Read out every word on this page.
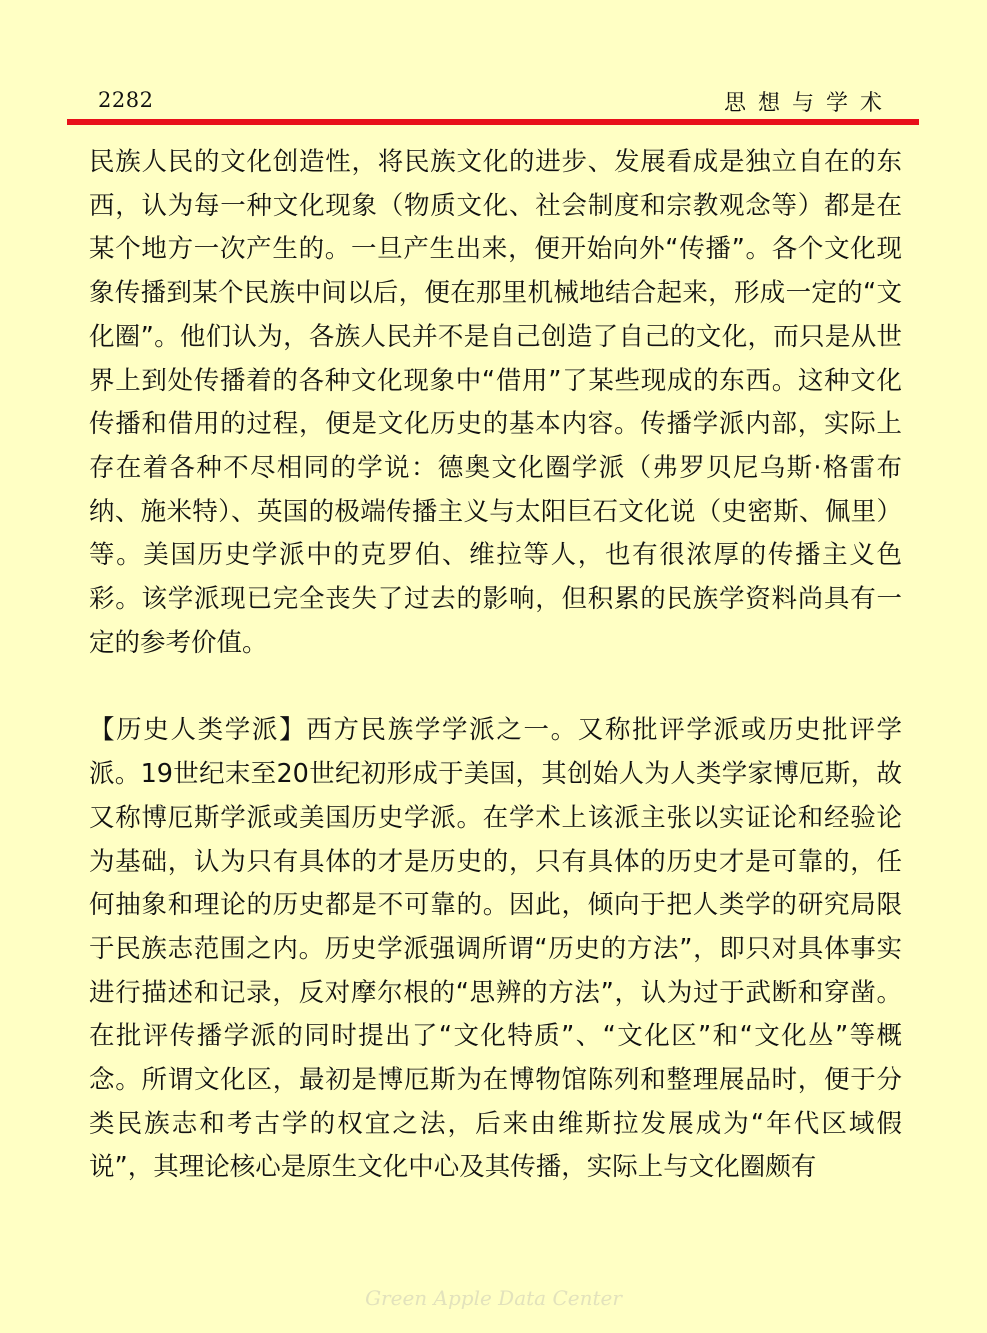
2282	思想与学术

民族人民的文化创造性，将民族文化的进步、发展看成是独立自在的东西，认为每一种文化现象（物质文化、社会制度和宗教观念等）都是在某个地方一次产生的。一旦产生出来，便开始向外“传播”。各个文化现象传播到某个民族中间以后，便在那里机械地结合起来，形成一定的“文化圈”。他们认为，各族人民并不是自己创造了自己的文化，而只是从世界上到处传播着的各种文化现象中“借用”了某些现成的东西。这种文化传播和借用的过程，便是文化历史的基本内容。传播学派内部，实际上存在着各种不尽相同的学说：德奥文化圈学派（弗罗贝尼乌斯·格雷布纳、施米特）、英国的极端传播主义与太阳巨石文化说（史密斯、佩里）等。美国历史学派中的克罗伯、维拉等人，也有很浓厚的传播主义色彩。该学派现已完全丧失了过去的影响，但积累的民族学资料尚具有一定的参考价值。

【历史人类学派】西方民族学学派之一。又称批评学派或历史批评学派。19世纪末至20世纪初形成于美国，其创始人为人类学家博厄斯，故又称博厄斯学派或美国历史学派。在学术上该派主张以实证论和经验论为基础，认为只有具体的才是历史的，只有具体的历史才是可靠的，任何抽象和理论的历史都是不可靠的。因此，倾向于把人类学的研究局限于民族志范围之内。历史学派强调所谓“历史的方法”，即只对具体事实进行描述和记录，反对摩尔根的“思辨的方法”，认为过于武断和穿凿。在批评传播学派的同时提出了“文化特质”、“文化区”和“文化丛”等概念。所谓文化区，最初是博厄斯为在博物馆陈列和整理展品时，便于分类民族志和考古学的权宜之法，后来由维斯拉发展成为“年代区域假说”，其理论核心是原生文化中心及其传播，实际上与文化圈颇有

Green Apple Data Center
